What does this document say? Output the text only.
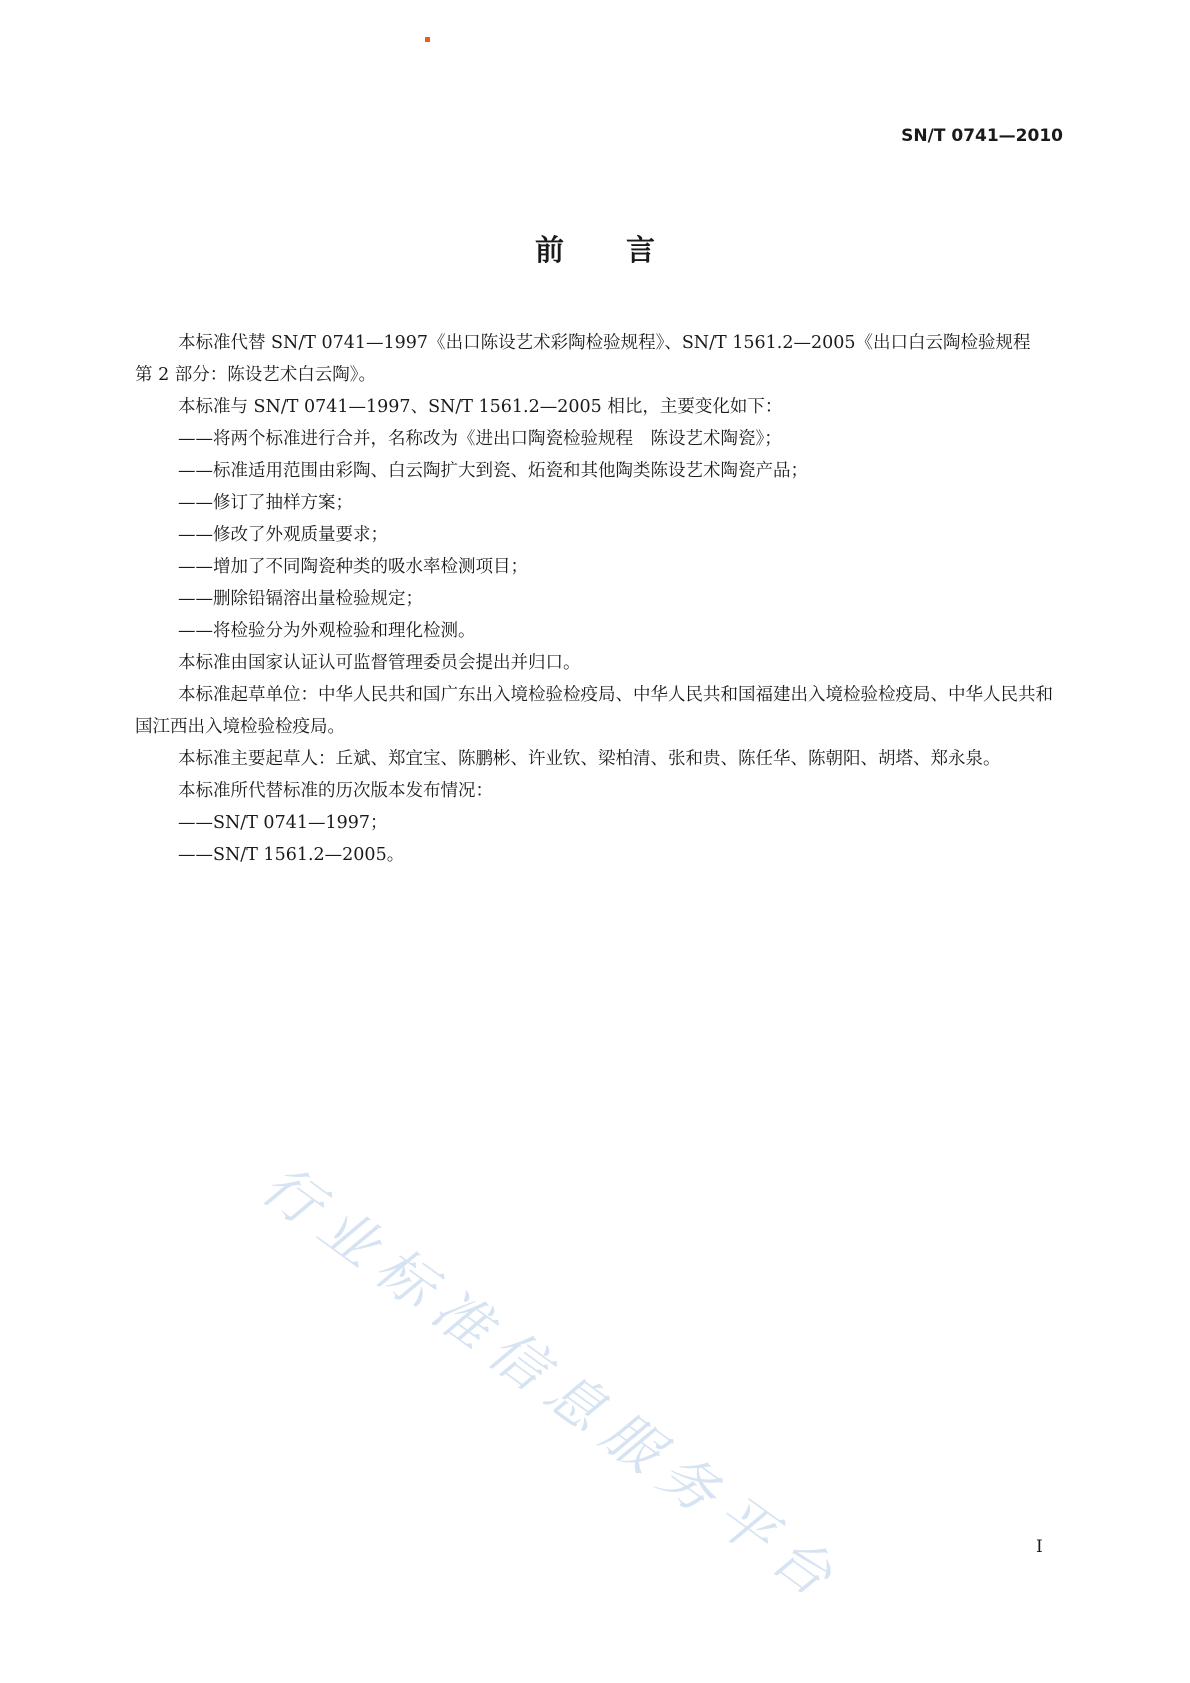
SN/T 0741—2010
前言

本标准代替 SN/T 0741—1997《出口陈设艺术彩陶检验规程》、SN/T 1561.2—2005《出口白云陶检验规程　第 2 部分：陈设艺术白云陶》。

本标准与 SN/T 0741—1997、SN/T 1561.2—2005 相比，主要变化如下：

——将两个标准进行合并，名称改为《进出口陶瓷检验规程　陈设艺术陶瓷》；

——标准适用范围由彩陶、白云陶扩大到瓷、炻瓷和其他陶类陈设艺术陶瓷产品；

——修订了抽样方案；

——修改了外观质量要求；

——增加了不同陶瓷种类的吸水率检测项目；

——删除铅镉溶出量检验规定；

——将检验分为外观检验和理化检测。

本标准由国家认证认可监督管理委员会提出并归口。

本标准起草单位：中华人民共和国广东出入境检验检疫局、中华人民共和国福建出入境检验检疫局、中华人民共和国江西出入境检验检疫局。

本标准主要起草人：丘斌、郑宜宝、陈鹏彬、许业钦、梁柏清、张和贵、陈任华、陈朝阳、胡塔、郑永泉。

本标准所代替标准的历次版本发布情况：

——SN/T 0741—1997；

——SN/T 1561.2—2005。

行业标准信息服务平台	I
